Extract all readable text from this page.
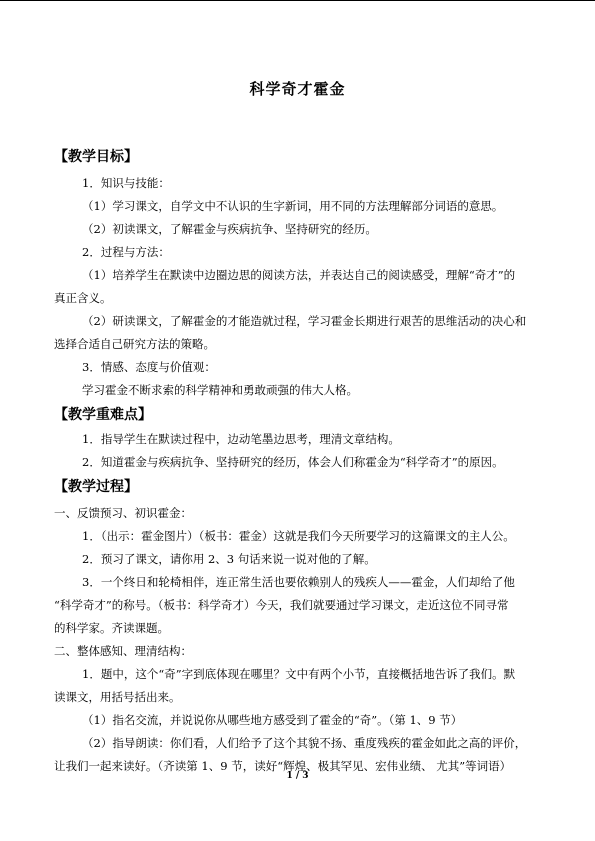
科学奇才霍金
【教学目标】
1．知识与技能：
（1）学习课文，自学文中不认识的生字新词，用不同的方法理解部分词语的意思。
（2）初读课文，了解霍金与疾病抗争、坚持研究的经历。
2．过程与方法：
（1）培养学生在默读中边圈边思的阅读方法，并表达自己的阅读感受，理解“奇才”的
真正含义。
（2）研读课文，了解霍金的才能造就过程，学习霍金长期进行艰苦的思维活动的决心和
选择合适自己研究方法的策略。
3．情感、态度与价值观：
学习霍金不断求索的科学精神和勇敢顽强的伟大人格。
【教学重难点】
1．指导学生在默读过程中，边动笔墨边思考，理清文章结构。
2．知道霍金与疾病抗争、坚持研究的经历，体会人们称霍金为“科学奇才”的原因。
【教学过程】
一、反馈预习、初识霍金：
1．（出示：霍金图片）（板书：霍金）这就是我们今天所要学习的这篇课文的主人公。
2．预习了课文，请你用 2、3 句话来说一说对他的了解。
3．一个终日和轮椅相伴，连正常生活也要依赖别人的残疾人——霍金，人们却给了他
“科学奇才”的称号。（板书：科学奇才）今天，我们就要通过学习课文，走近这位不同寻常
的科学家。齐读课题。
二、整体感知、理清结构：
1．题中，这个“奇”字到底体现在哪里？文中有两个小节，直接概括地告诉了我们。默
读课文，用括号括出来。
（1）指名交流，并说说你从哪些地方感受到了霍金的“奇”。（第 1、9 节）
（2）指导朗读：你们看，人们给予了这个其貌不扬、重度残疾的霍金如此之高的评价，
让我们一起来读好。（齐读第 1、9 节，读好“辉煌、极其罕见、宏伟业绩、 尤其”等词语）
1 / 3
